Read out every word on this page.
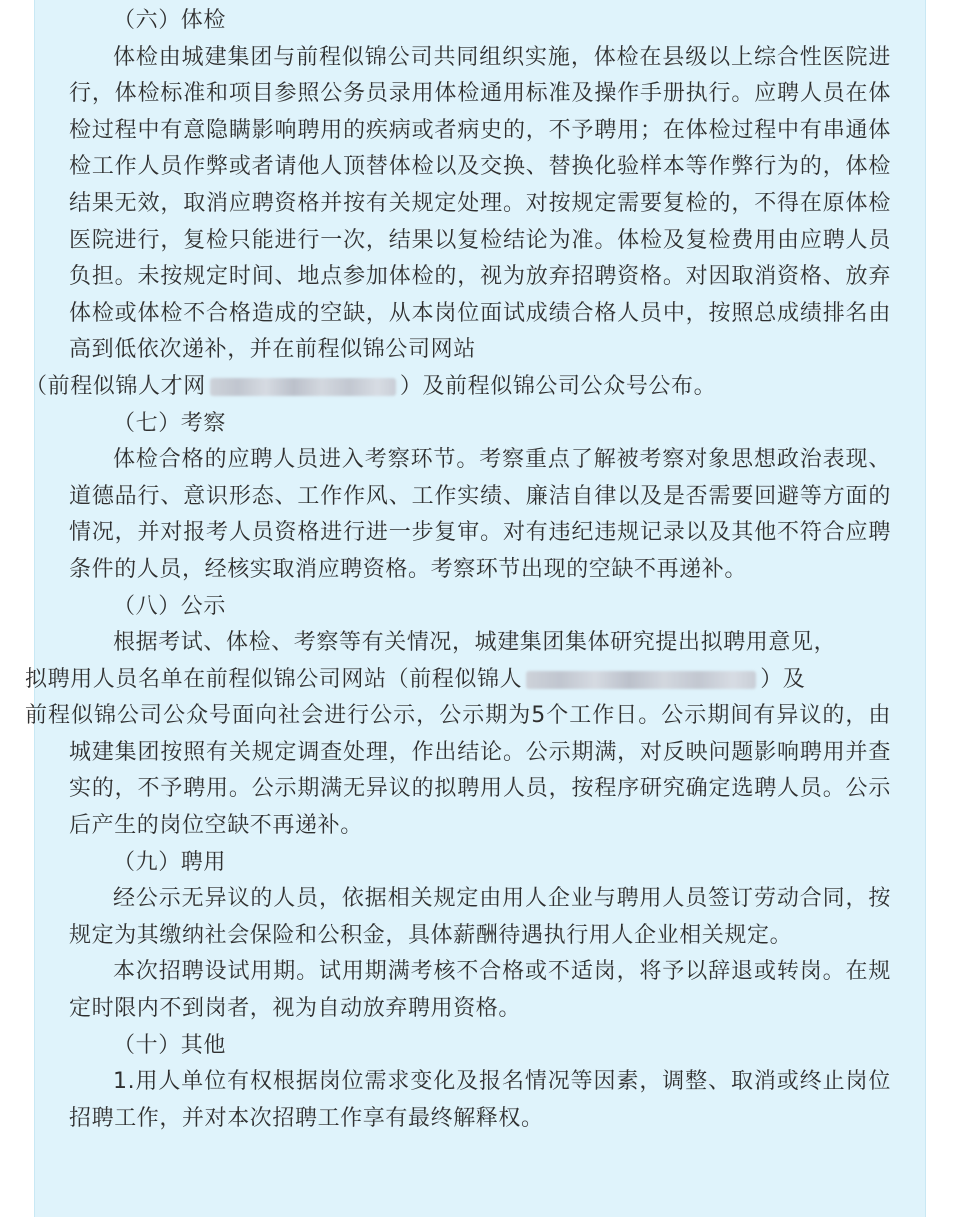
（六）体检

体检由城建集团与前程似锦公司共同组织实施，体检在县级以上综合性医院进行，体检标准和项目参照公务员录用体检通用标准及操作手册执行。应聘人员在体检过程中有意隐瞒影响聘用的疾病或者病史的，不予聘用；在体检过程中有串通体检工作人员作弊或者请他人顶替体检以及交换、替换化验样本等作弊行为的，体检结果无效，取消应聘资格并按有关规定处理。对按规定需要复检的，不得在原体检医院进行，复检只能进行一次，结果以复检结论为准。体检及复检费用由应聘人员负担。未按规定时间、地点参加体检的，视为放弃招聘资格。对因取消资格、放弃体检或体检不合格造成的空缺，从本岗位面试成绩合格人员中，按照总成绩排名由高到低依次递补，并在前程似锦公司网站
（前程似锦人才网	）及前程似锦公司公众号公布。

（七）考察

体检合格的应聘人员进入考察环节。考察重点了解被考察对象思想政治表现、道德品行、意识形态、工作作风、工作实绩、廉洁自律以及是否需要回避等方面的情况，并对报考人员资格进行进一步复审。对有违纪违规记录以及其他不符合应聘条件的人员，经核实取消应聘资格。考察环节出现的空缺不再递补。

（八）公示

根据考试、体检、考察等有关情况，城建集团集体研究提出拟聘用意见，
拟聘用人员名单在前程似锦公司网站（前程似锦人	）及
前程似锦公司公众号面向社会进行公示，公示期为5个工作日。公示期间有异议的，由城建集团按照有关规定调查处理，作出结论。公示期满，对反映问题影响聘用并查实的，不予聘用。公示期满无异议的拟聘用人员，按程序研究确定选聘人员。公示后产生的岗位空缺不再递补。

（九）聘用

经公示无异议的人员，依据相关规定由用人企业与聘用人员签订劳动合同，按规定为其缴纳社会保险和公积金，具体薪酬待遇执行用人企业相关规定。

本次招聘设试用期。试用期满考核不合格或不适岗，将予以辞退或转岗。在规定时限内不到岗者，视为自动放弃聘用资格。

（十）其他

1.用人单位有权根据岗位需求变化及报名情况等因素，调整、取消或终止岗位招聘工作，并对本次招聘工作享有最终解释权。
